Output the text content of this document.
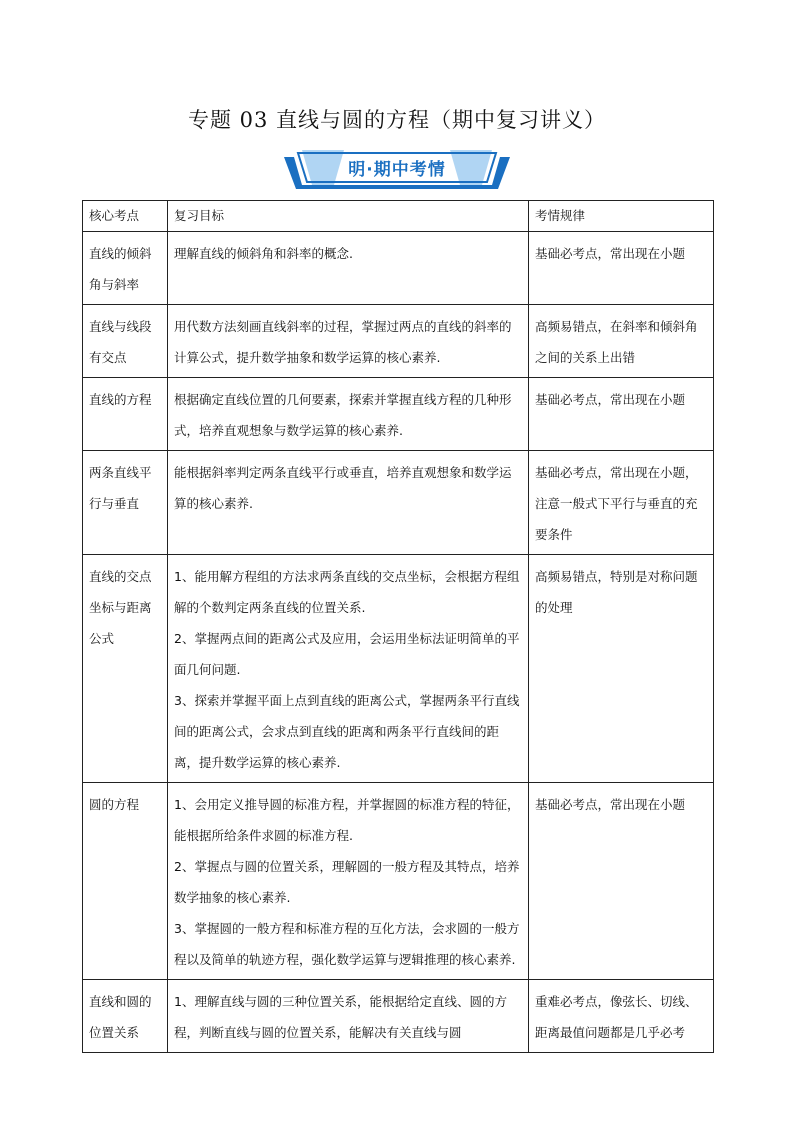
专题 03 直线与圆的方程（期中复习讲义）
明·期中考情
核心考点	复习目标	考情规律
直线的倾斜角与斜率	理解直线的倾斜角和斜率的概念.	基础必考点，常出现在小题
直线与线段有交点	用代数方法刻画直线斜率的过程，掌握过两点的直线的斜率的计算公式，提升数学抽象和数学运算的核心素养.	高频易错点，在斜率和倾斜角之间的关系上出错
直线的方程	根据确定直线位置的几何要素，探索并掌握直线方程的几种形式，培养直观想象与数学运算的核心素养.	基础必考点，常出现在小题
两条直线平行与垂直	能根据斜率判定两条直线平行或垂直，培养直观想象和数学运算的核心素养.	基础必考点，常出现在小题，注意一般式下平行与垂直的充要条件
直线的交点坐标与距离公式	1、能用解方程组的方法求两条直线的交点坐标，会根据方程组解的个数判定两条直线的位置关系.

2、掌握两点间的距离公式及应用，会运用坐标法证明简单的平面几何问题.

3、探索并掌握平面上点到直线的距离公式，掌握两条平行直线间的距离公式，会求点到直线的距离和两条平行直线间的距离，提升数学运算的核心素养.	高频易错点，特别是对称问题的处理
圆的方程	1、会用定义推导圆的标准方程，并掌握圆的标准方程的特征，能根据所给条件求圆的标准方程.

2、掌握点与圆的位置关系，理解圆的一般方程及其特点，培养数学抽象的核心素养.

3、掌握圆的一般方程和标准方程的互化方法，会求圆的一般方程以及简单的轨迹方程，强化数学运算与逻辑推理的核心素养.	基础必考点，常出现在小题
直线和圆的位置关系	1、理解直线与圆的三种位置关系，能根据给定直线、圆的方程，判断直线与圆的位置关系，能解决有关直线与圆	重难必考点，像弦长、切线、距离最值问题都是几乎必考
